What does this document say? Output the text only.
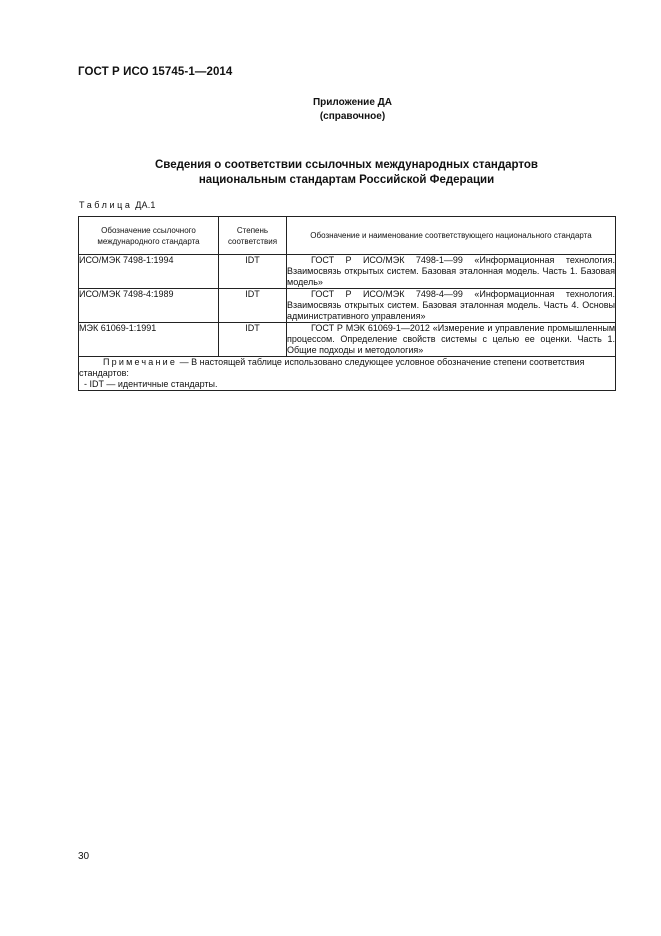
ГОСТ Р ИСО 15745-1—2014
Приложение ДА
(справочное)
Сведения о соответствии ссылочных международных стандартов
национальным стандартам Российской Федерации
Таблица ДА.1
Обозначение ссылочного международного стандарта	Степень соответствия	Обозначение и наименование соответствующего национального стандарта
ИСО/МЭК 7498-1:1994	IDT	ГОСТ Р ИСО/МЭК 7498-1—99 «Информационная технология. Взаимосвязь открытых систем. Базовая эталонная модель. Часть 1. Базовая модель»

ИСО/МЭК 7498-4:1989	IDT	ГОСТ Р ИСО/МЭК 7498-4—99 «Информационная технология. Взаимосвязь открытых систем. Базовая эталонная модель. Часть 4. Основы административного управления»

МЭК 61069-1:1991	IDT	ГОСТ Р МЭК 61069-1—2012 «Измерение и управление промышленным процессом. Определение свойств системы с целью ее оценки. Часть 1. Общие подходы и методология»

Примечание — В настоящей таблице использовано следующее условное обозначение степени соответствия стандартов:
- IDT — идентичные стандарты.		
30
